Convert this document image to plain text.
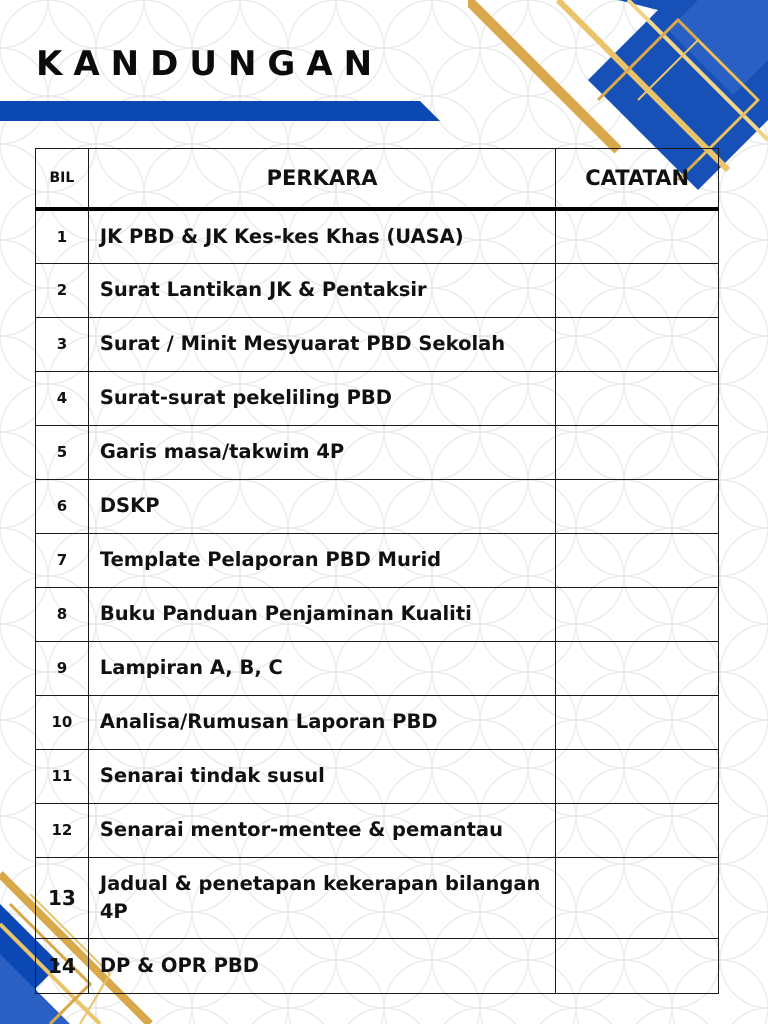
KANDUNGAN
BIL	PERKARA	CATATAN
1	JK PBD & JK Kes-kes Khas (UASA)	
2	Surat Lantikan JK & Pentaksir	
3	Surat / Minit Mesyuarat PBD Sekolah	
4	Surat-surat pekeliling PBD	
5	Garis masa/takwim 4P	
6	DSKP	
7	Template Pelaporan PBD Murid	
8	Buku Panduan Penjaminan Kualiti	
9	Lampiran A, B, C	
10	Analisa/Rumusan Laporan PBD	
11	Senarai tindak susul	
12	Senarai mentor-mentee & pemantau	
13	Jadual & penetapan kekerapan bilangan 4P	
14	DP & OPR PBD	
